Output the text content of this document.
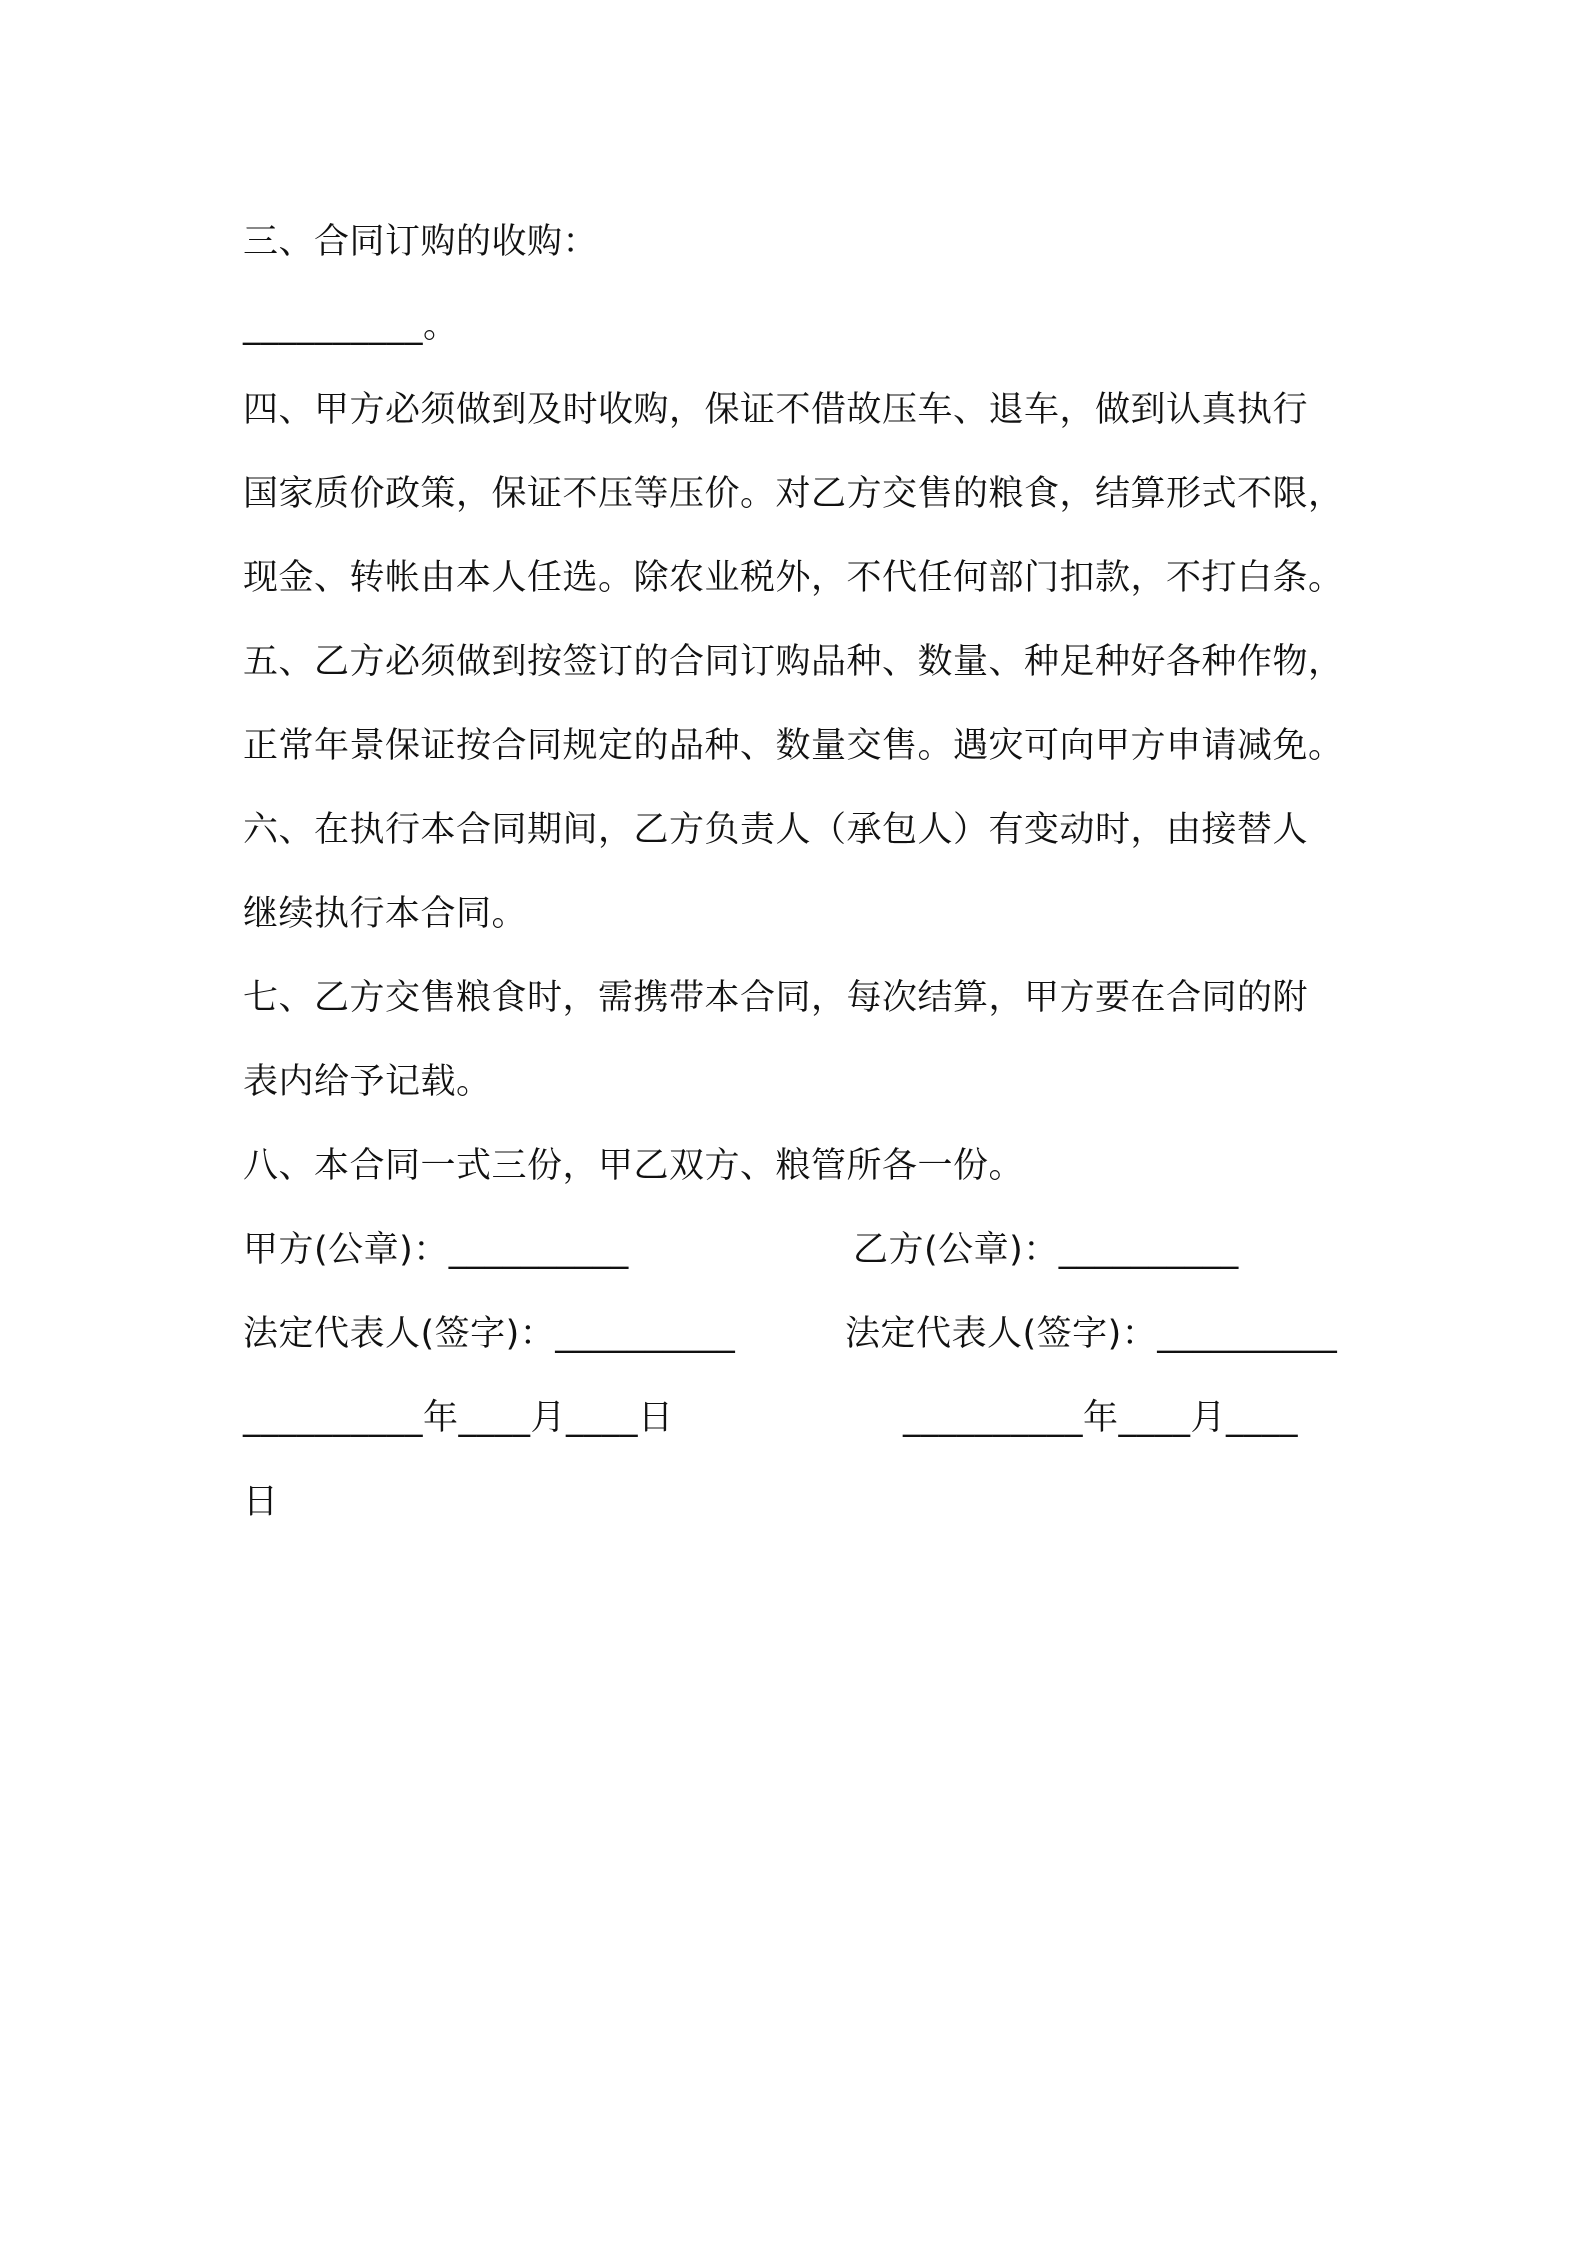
三、合同订购的收购：
__________。
四、甲方必须做到及时收购，保证不借故压车、退车，做到认真执行
国家质价政策，保证不压等压价。对乙方交售的粮食，结算形式不限，
现金、转帐由本人任选。除农业税外，不代任何部门扣款，不打白条。
五、乙方必须做到按签订的合同订购品种、数量、种足种好各种作物，
正常年景保证按合同规定的品种、数量交售。遇灾可向甲方申请减免。
六、在执行本合同期间，乙方负责人（承包人）有变动时，由接替人
继续执行本合同。
七、乙方交售粮食时，需携带本合同，每次结算，甲方要在合同的附
表内给予记载。
八、本合同一式三份，甲乙双方、粮管所各一份。
甲方(公章)：__________	乙方(公章)：__________
法定代表人(签字)：__________	法定代表人(签字)：__________
__________年____月____日	__________年____月____
日
